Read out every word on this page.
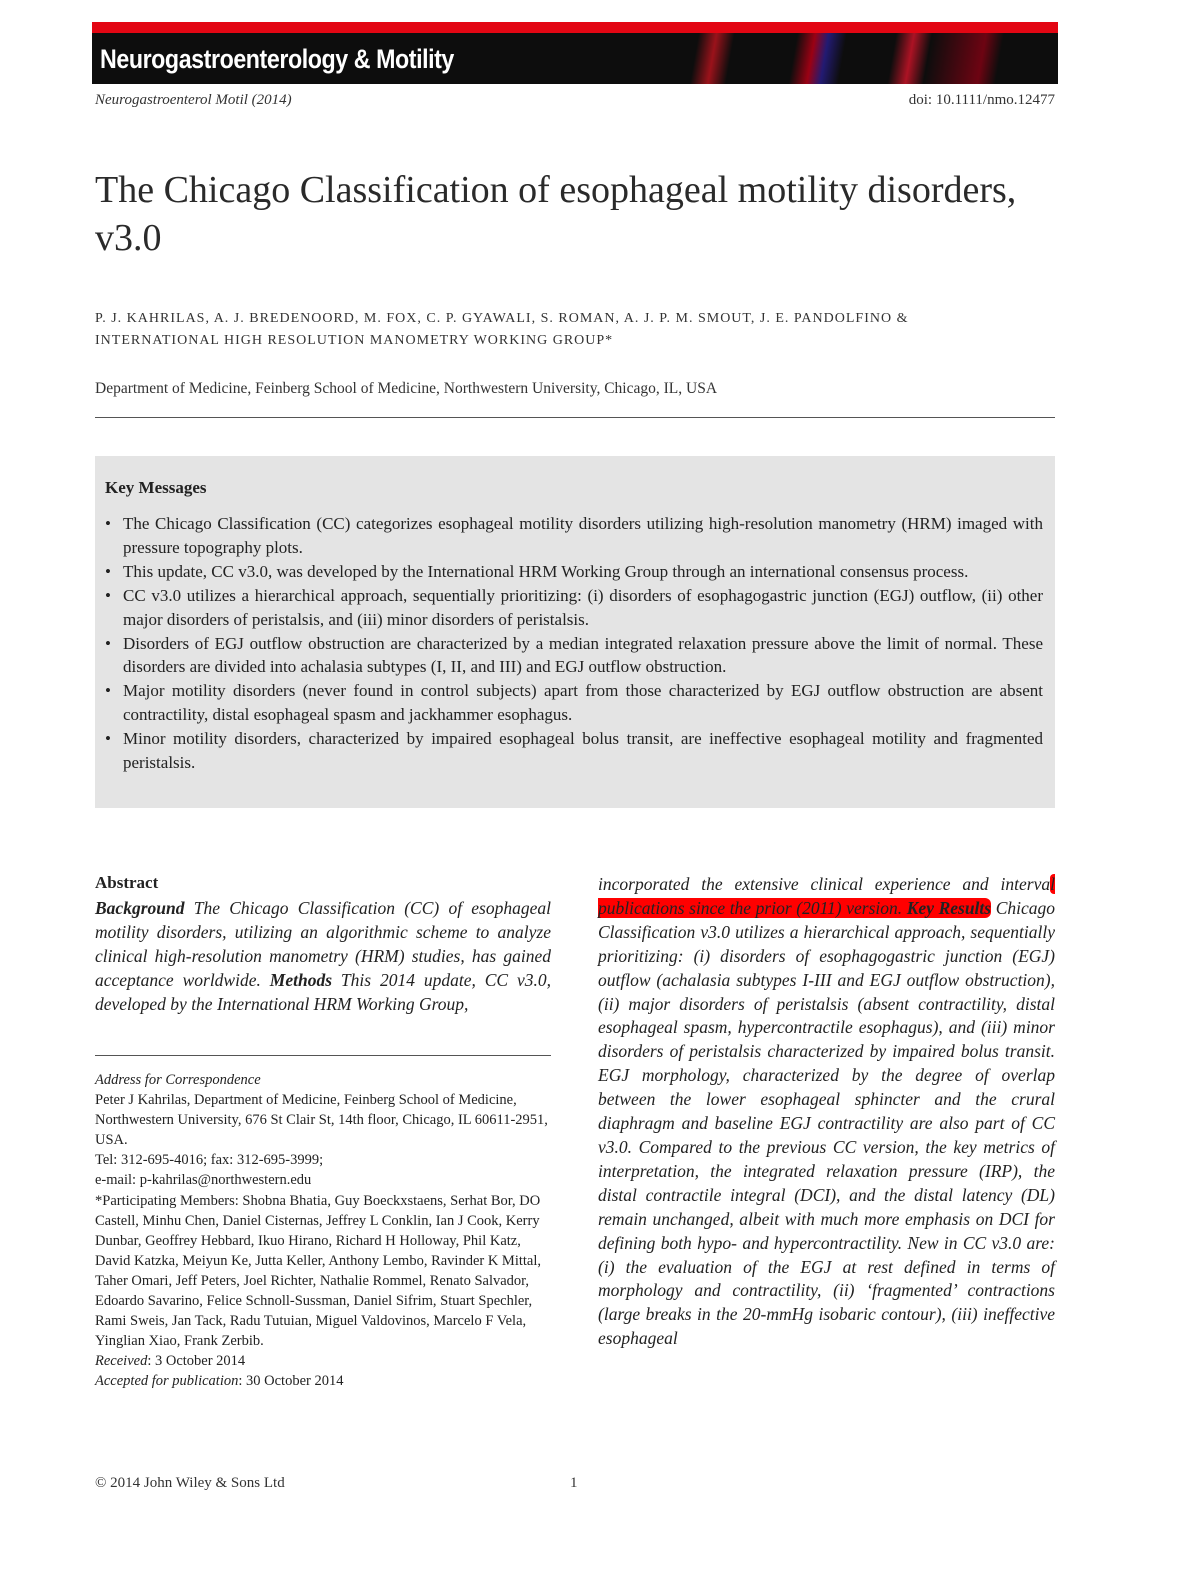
Neurogastroenterology & Motility
Neurogastroenterol Motil (2014)	doi: 10.1111/nmo.12477
The Chicago Classification of esophageal motility disorders, v3.0
P. J. KAHRILAS, A. J. BREDENOORD, M. FOX, C. P. GYAWALI, S. ROMAN, A. J. P. M. SMOUT, J. E. PANDOLFINO &
INTERNATIONAL HIGH RESOLUTION MANOMETRY WORKING GROUP*
Department of Medicine, Feinberg School of Medicine, Northwestern University, Chicago, IL, USA
Key Messages
• The Chicago Classification (CC) categorizes esophageal motility disorders utilizing high-resolution manometry (HRM) imaged with pressure topography plots.
• This update, CC v3.0, was developed by the International HRM Working Group through an international consensus process.
• CC v3.0 utilizes a hierarchical approach, sequentially prioritizing: (i) disorders of esophagogastric junction (EGJ) outflow, (ii) other major disorders of peristalsis, and (iii) minor disorders of peristalsis.
• Disorders of EGJ outflow obstruction are characterized by a median integrated relaxation pressure above the limit of normal. These disorders are divided into achalasia subtypes (I, II, and III) and EGJ outflow obstruction.
• Major motility disorders (never found in control subjects) apart from those characterized by EGJ outflow obstruction are absent contractility, distal esophageal spasm and jackhammer esophagus.
• Minor motility disorders, characterized by impaired esophageal bolus transit, are ineffective esophageal motility and fragmented peristalsis.
Abstract
Background The Chicago Classification (CC) of esophageal motility disorders, utilizing an algorithmic scheme to analyze clinical high-resolution manometry (HRM) studies, has gained acceptance worldwide. Methods This 2014 update, CC v3.0, developed by the International HRM Working Group,
Address for Correspondence
Peter J Kahrilas, Department of Medicine, Feinberg School of Medicine, Northwestern University, 676 St Clair St, 14th floor, Chicago, IL 60611-2951, USA.
Tel: 312-695-4016; fax: 312-695-3999;
e-mail: p-kahrilas@northwestern.edu
*Participating Members: Shobna Bhatia, Guy Boeckxstaens, Serhat Bor, DO Castell, Minhu Chen, Daniel Cisternas, Jeffrey L Conklin, Ian J Cook, Kerry Dunbar, Geoffrey Hebbard, Ikuo Hirano, Richard H Holloway, Phil Katz, David Katzka, Meiyun Ke, Jutta Keller, Anthony Lembo, Ravinder K Mittal, Taher Omari, Jeff Peters, Joel Richter, Nathalie Rommel, Renato Salvador, Edoardo Savarino, Felice Schnoll-Sussman, Daniel Sifrim, Stuart Spechler, Rami Sweis, Jan Tack, Radu Tutuian, Miguel Valdovinos, Marcelo F Vela, Yinglian Xiao, Frank Zerbib.
Received: 3 October 2014
Accepted for publication: 30 October 2014
incorporated the extensive clinical experience and interval publications since the prior (2011) version. Key Results Chicago Classification v3.0 utilizes a hierarchical approach, sequentially prioritizing: (i) disorders of esophagogastric junction (EGJ) outflow (achalasia subtypes I-III and EGJ outflow obstruction), (ii) major disorders of peristalsis (absent contractility, distal esophageal spasm, hypercontractile esophagus), and (iii) minor disorders of peristalsis characterized by impaired bolus transit. EGJ morphology, characterized by the degree of overlap between the lower esophageal sphincter and the crural diaphragm and baseline EGJ contractility are also part of CC v3.0. Compared to the previous CC version, the key metrics of interpretation, the integrated relaxation pressure (IRP), the distal contractile integral (DCI), and the distal latency (DL) remain unchanged, albeit with much more emphasis on DCI for defining both hypo- and hypercontractility. New in CC v3.0 are: (i) the evaluation of the EGJ at rest defined in terms of morphology and contractility, (ii) ‘fragmented’ contractions (large breaks in the 20-mmHg isobaric contour), (iii) ineffective esophageal
© 2014 John Wiley & Sons Ltd	1
